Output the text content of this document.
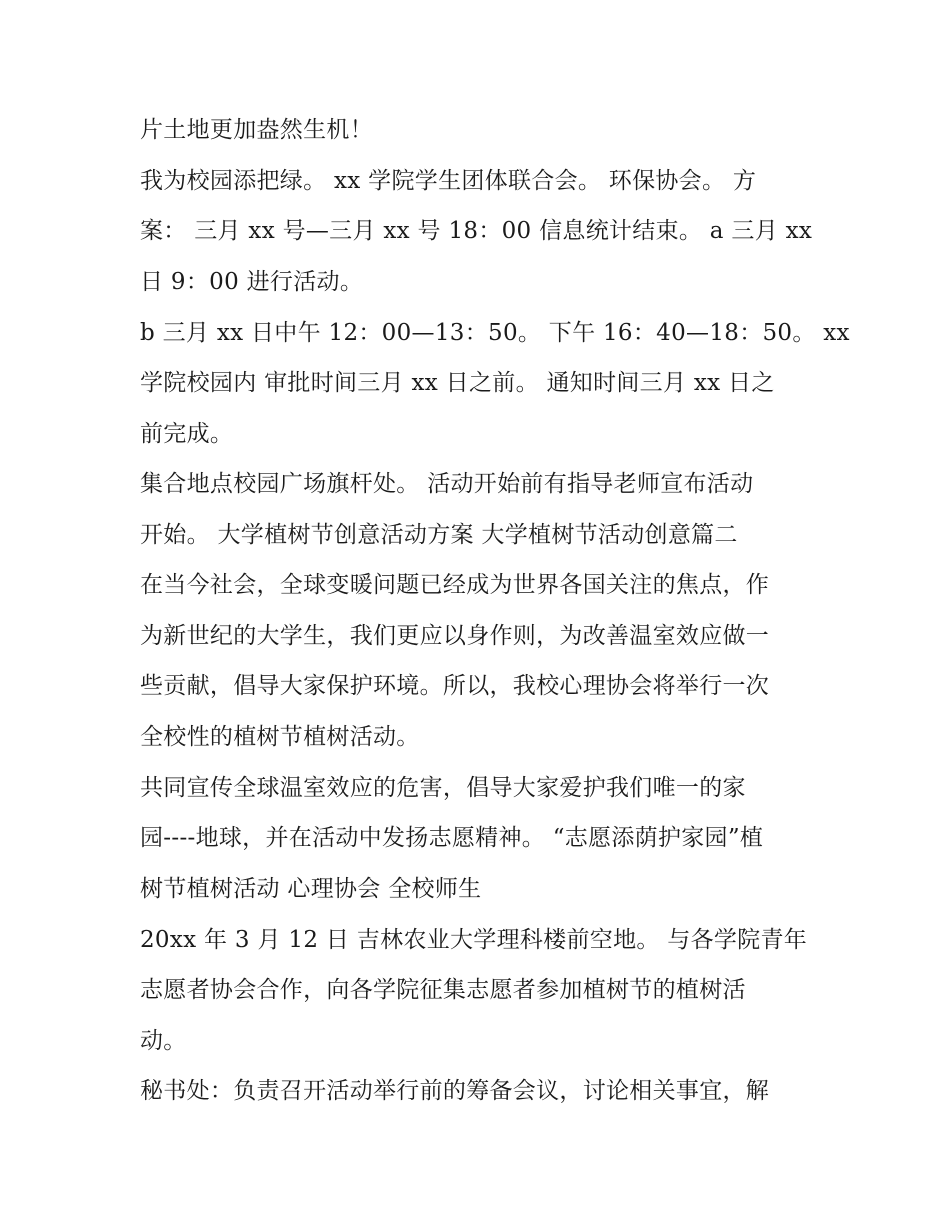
片土地更加盎然生机！
我为校园添把绿。 xx 学院学生团体联合会。 环保协会。 方
案： 三月 xx 号—三月 xx 号 18：00 信息统计结束。 a 三月 xx
日 9：00 进行活动。
b 三月 xx 日中午 12：00—13：50。 下午 16：40—18：50。 xx
学院校园内 审批时间三月 xx 日之前。 通知时间三月 xx 日之
前完成。
集合地点校园广场旗杆处。 活动开始前有指导老师宣布活动
开始。 大学植树节创意活动方案 大学植树节活动创意篇二
在当今社会，全球变暖问题已经成为世界各国关注的焦点，作
为新世纪的大学生，我们更应以身作则，为改善温室效应做一
些贡献，倡导大家保护环境。所以，我校心理协会将举行一次
全校性的植树节植树活动。
共同宣传全球温室效应的危害，倡导大家爱护我们唯一的家
园----地球，并在活动中发扬志愿精神。 “志愿添荫护家园”植
树节植树活动 心理协会 全校师生
20xx 年 3 月 12 日 吉林农业大学理科楼前空地。 与各学院青年
志愿者协会合作，向各学院征集志愿者参加植树节的植树活
动。
秘书处：负责召开活动举行前的筹备会议，讨论相关事宜，解
